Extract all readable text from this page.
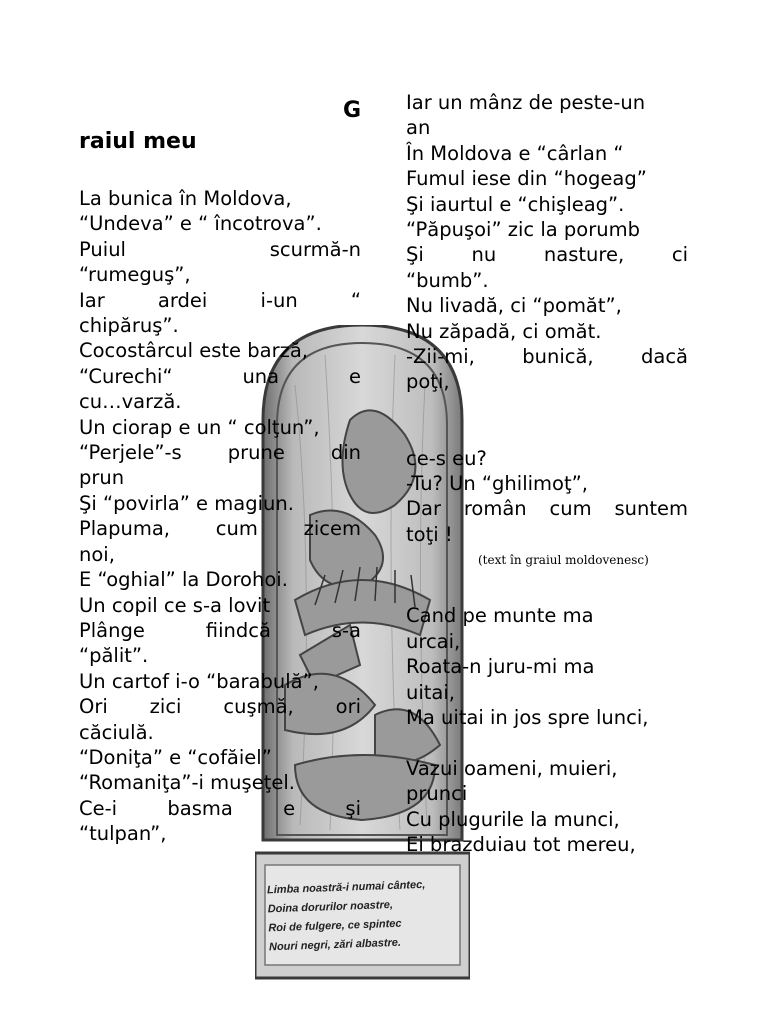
Limba noastră-i numai cântec,
Doina dorurilor noastre,
Roi de fulgere, ce spintec
Nouri negri, zări albastre.
G
raiul meu
La bunica în Moldova,
“Undeva” e “ încotrova”.
Puiul scurmă-n
“rumeguş”,
Iar ardei i-un “
chipăruş”.
Cocostârcul este barză,
“Curechi“ una e
cu…varză.
Un ciorap e un “ colţun”,
“Perjele”-s prune din
prun
Şi “povirla” e magiun.
Plapuma, cum zicem
noi,
E “oghial” la Dorohoi.
Un copil ce s-a lovit
Plânge fiindcă s-a
“pălit”.
Un cartof i-o “barabulă”,
Ori zici cuşmă, ori
căciulă.
“Doniţa” e “cofăiel”
“Romaniţa”-i muşeţel.
Ce-i basma e şi
“tulpan”,
Iar un mânz de peste-un
an
În Moldova e “cârlan “
Fumul iese din “hogeag”
Şi iaurtul e “chişleag”.
“Păpuşoi” zic la porumb
Şi nu nasture, ci
“bumb”.
Nu livadă, ci “pomăt”,
Nu zăpadă, ci omăt.
-Zii-mi, bunică, dacă
poţi,
ce-s eu?
-Tu? Un “ghilimoţ”,
Dar român cum suntem
toţi !
(text în graiul moldovenesc)
Cand pe munte ma
urcai,
Roata-n juru-mi ma
uitai,
Ma uitai in jos spre lunci,
Vazui oameni, muieri,
prunci
Cu plugurile la munci,
Ei brazduiau tot mereu,
